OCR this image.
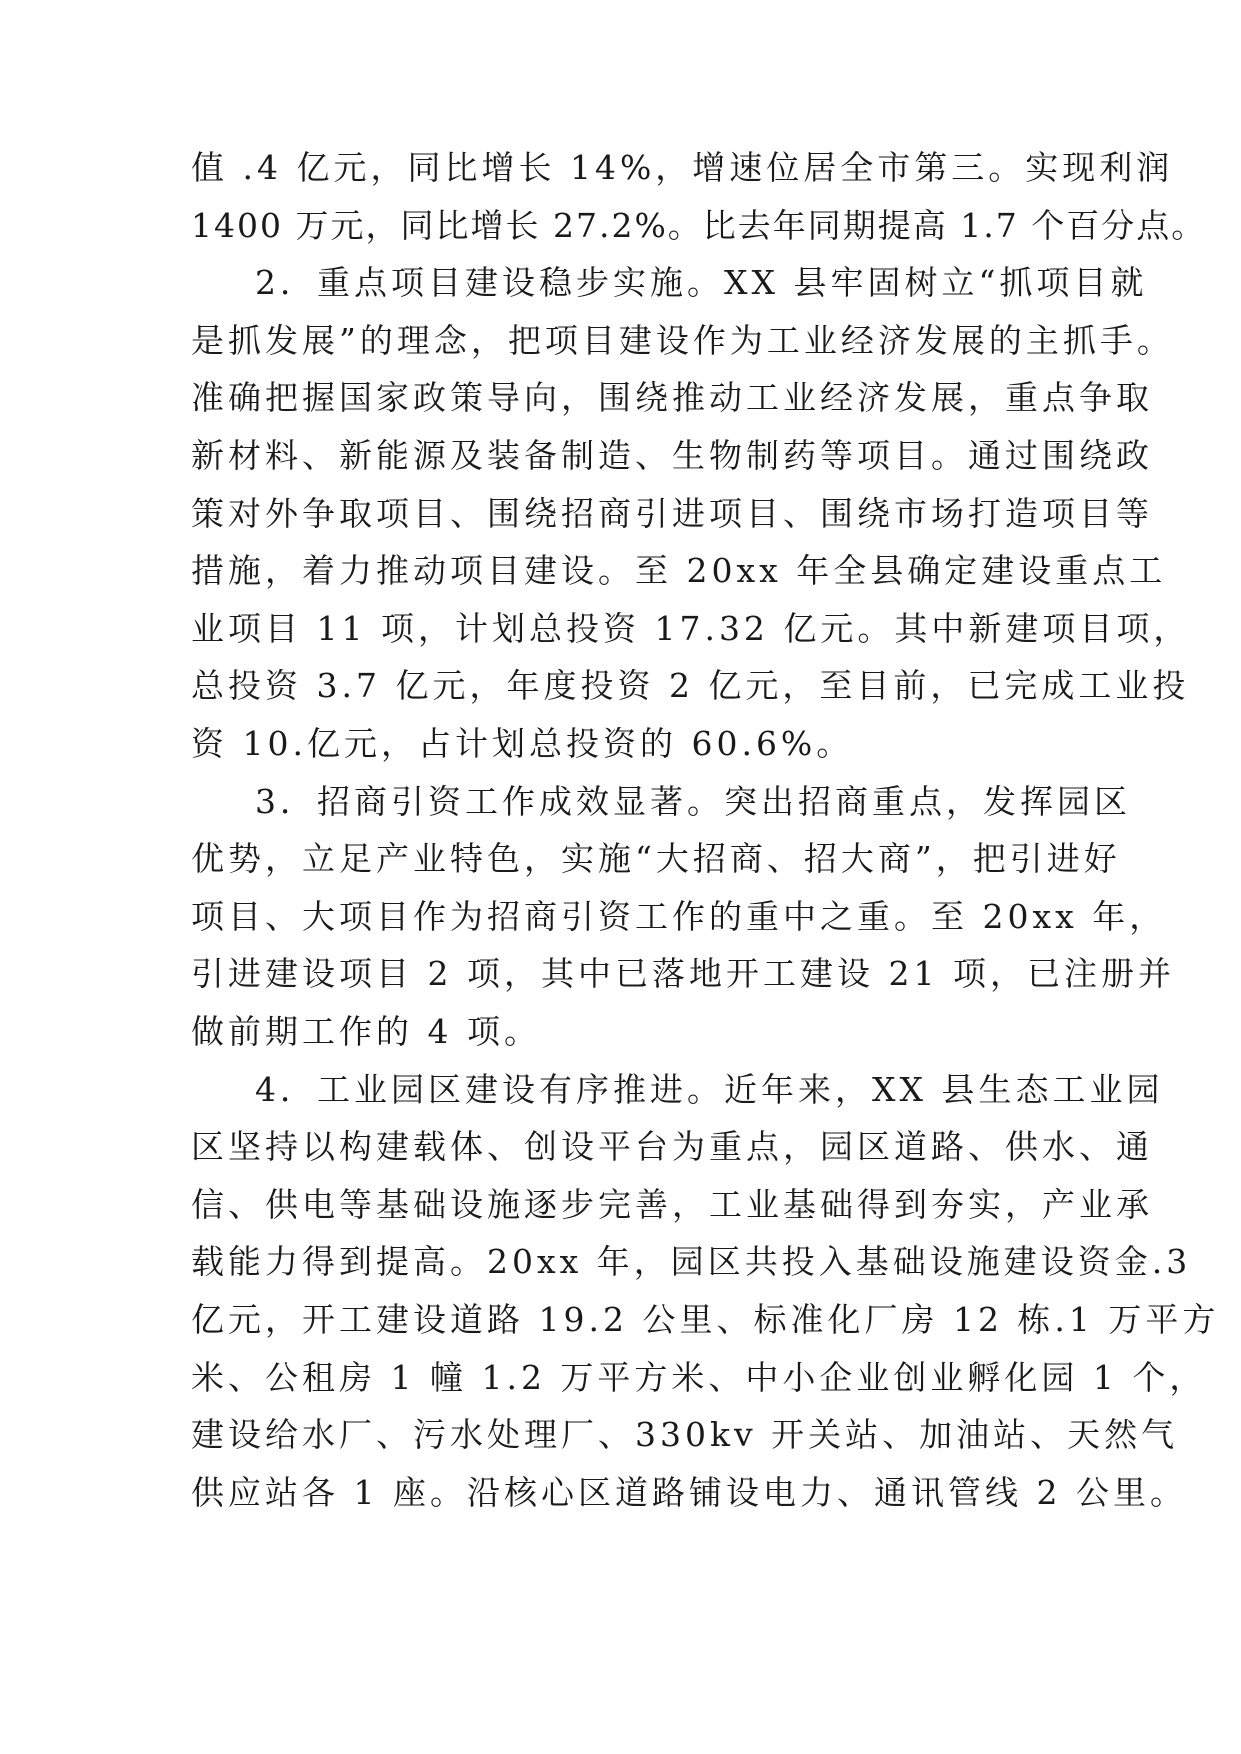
值 .4 亿元，同比增长 14%，增速位居全市第三。实现利润
1400 万元，同比增长 27.2%。比去年同期提高 1.7 个百分点。
2．重点项目建设稳步实施。XX 县牢固树立“抓项目就
是抓发展”的理念，把项目建设作为工业经济发展的主抓手。
准确把握国家政策导向，围绕推动工业经济发展，重点争取
新材料、新能源及装备制造、生物制药等项目。通过围绕政
策对外争取项目、围绕招商引进项目、围绕市场打造项目等
措施，着力推动项目建设。至 20xx 年全县确定建设重点工
业项目 11 项，计划总投资 17.32 亿元。其中新建项目项，
总投资 3.7 亿元，年度投资 2 亿元，至目前，已完成工业投
资 10.亿元，占计划总投资的 60.6%。
3．招商引资工作成效显著。突出招商重点，发挥园区
优势，立足产业特色，实施“大招商、招大商”，把引进好
项目、大项目作为招商引资工作的重中之重。至 20xx 年，
引进建设项目 2 项，其中已落地开工建设 21 项，已注册并
做前期工作的 4 项。
4．工业园区建设有序推进。近年来，XX 县生态工业园
区坚持以构建载体、创设平台为重点，园区道路、供水、通
信、供电等基础设施逐步完善，工业基础得到夯实，产业承
载能力得到提高。20xx 年，园区共投入基础设施建设资金.3
亿元，开工建设道路 19.2 公里、标准化厂房 12 栋.1 万平方
米、公租房 1 幢 1.2 万平方米、中小企业创业孵化园 1 个，
建设给水厂、污水处理厂、330kv 开关站、加油站、天然气
供应站各 1 座。沿核心区道路铺设电力、通讯管线 2 公里。
